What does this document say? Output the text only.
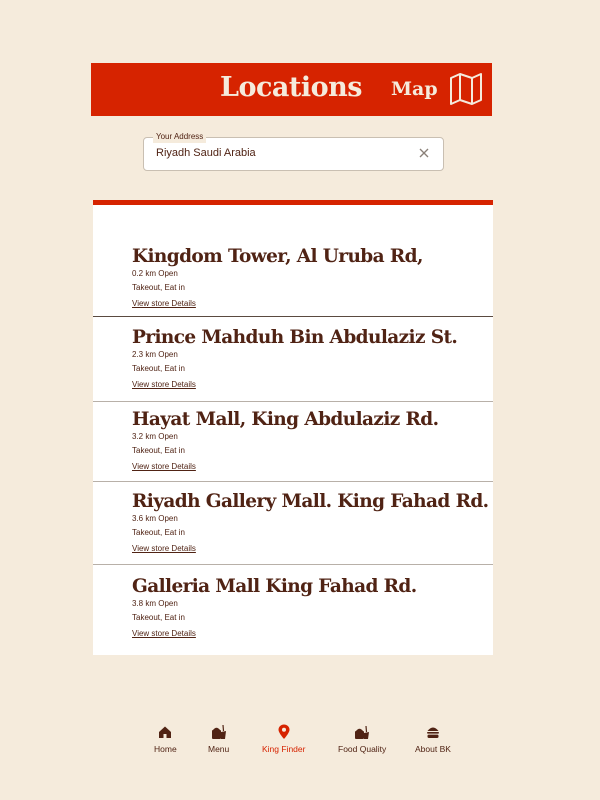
Locations Map
Your Address
Riyadh Saudi Arabia

Kingdom Tower, Al Uruba Rd,

0.2 km Open

Takeout, Eat in

View store Details

Prince Mahduh Bin Abdulaziz St.

2.3 km Open

Takeout, Eat in

View store Details

Hayat Mall, King Abdulaziz Rd.

3.2 km Open

Takeout, Eat in

View store Details

Riyadh Gallery Mall. King Fahad Rd.

3.6 km Open

Takeout, Eat in

View store Details

Galleria Mall King Fahad Rd.

3.8 km Open

Takeout, Eat in

View store Details
Home	Menu	King Finder	Food Quality	About BK
